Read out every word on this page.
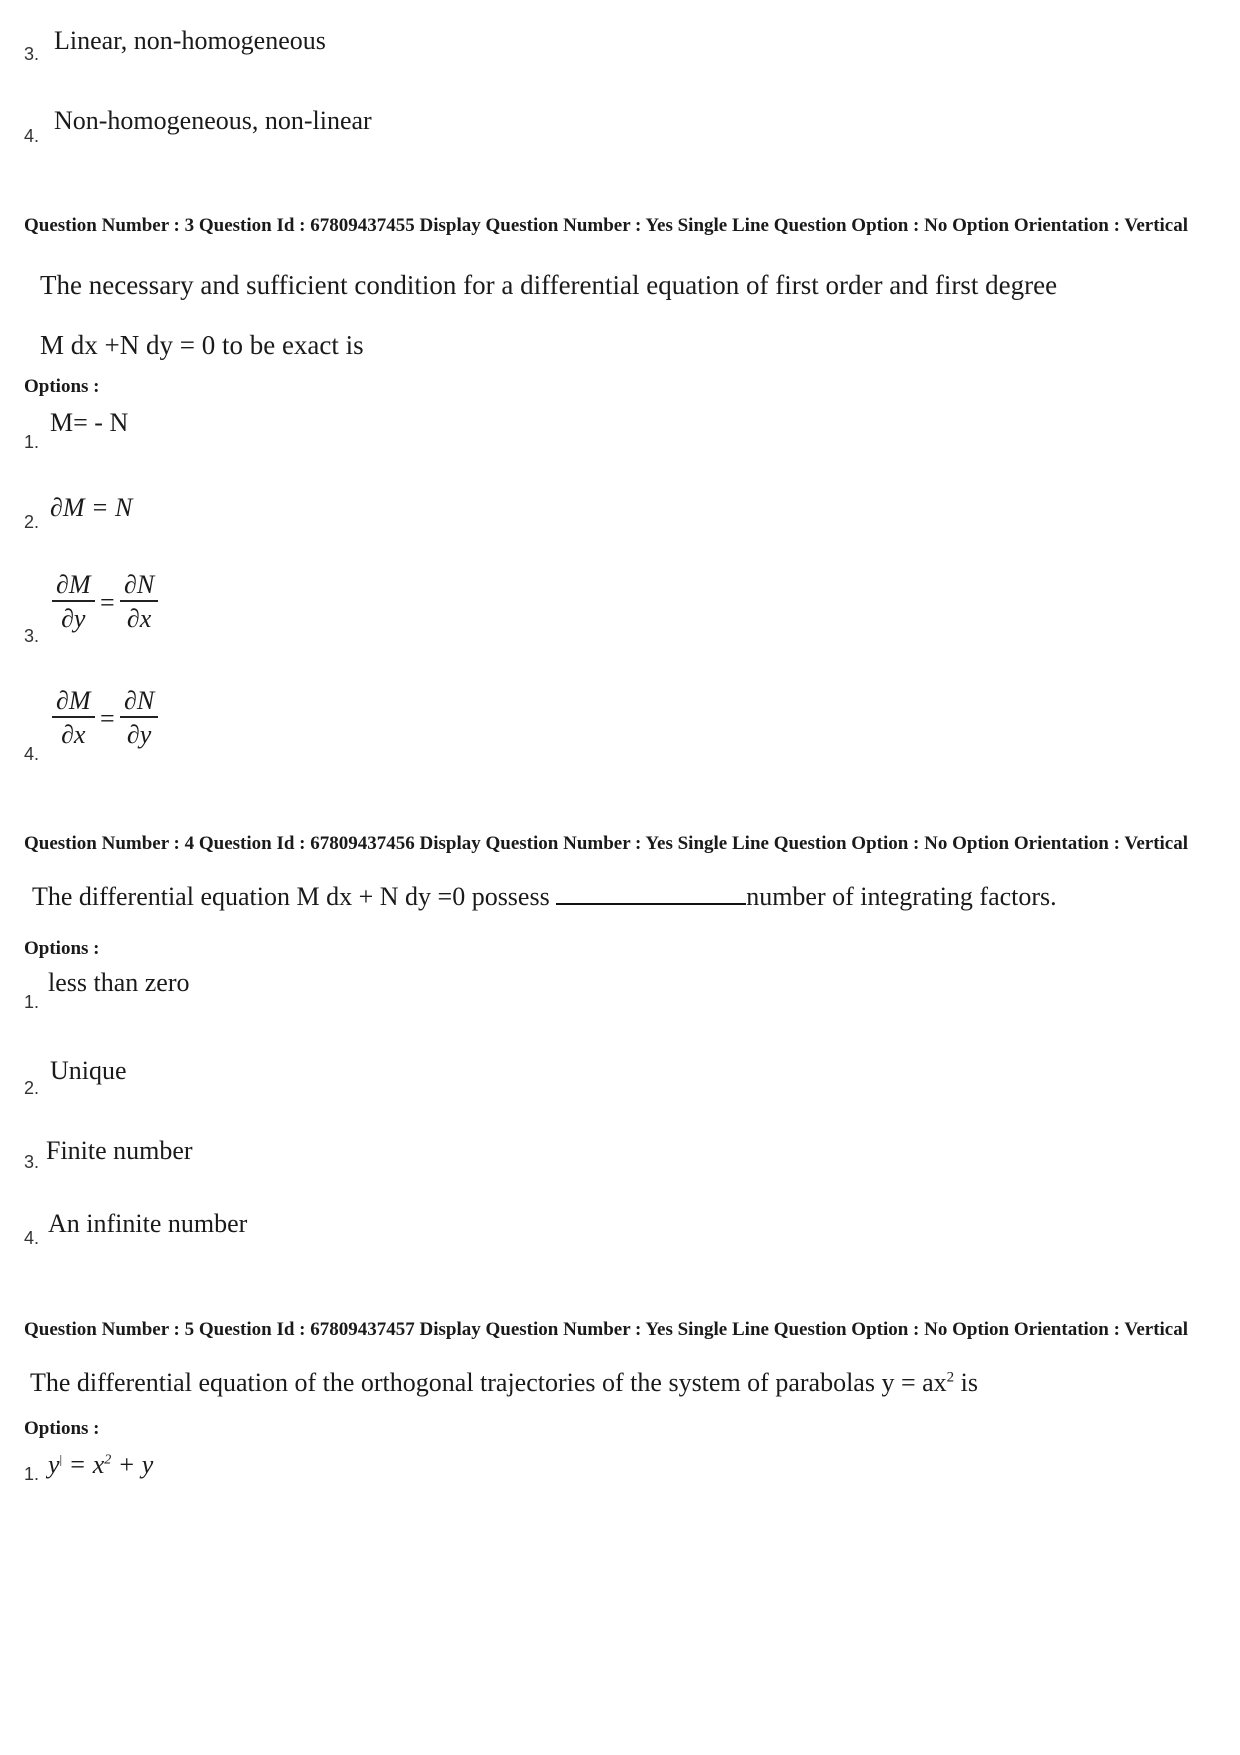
Linear, non-homogeneous
3.
Non-homogeneous, non-linear
4.
Question Number : 3 Question Id : 67809437455 Display Question Number : Yes Single Line Question Option : No Option Orientation : Vertical
The necessary and sufficient condition for a differential equation of first order and first degree
M dx +N dy = 0 to be exact is
Options :
M= - N
1.
∂M = N
2.
$\frac{\partial M}{\partial y} = \frac{\partial N}{\partial x}$
3.
$\frac{\partial M}{\partial x} = \frac{\partial N}{\partial y}$
4.
Question Number : 4 Question Id : 67809437456 Display Question Number : Yes Single Line Question Option : No Option Orientation : Vertical
The differential equation M dx + N dy =0 possess	number of integrating factors.
Options :
less than zero
1.
Unique
2.
Finite number
3.
An infinite number
4.
Question Number : 5 Question Id : 67809437457 Display Question Number : Yes Single Line Question Option : No Option Orientation : Vertical
The differential equation of the orthogonal trajectories of the system of parabolas $y = ax^2$ is
Options :
$y^| = x^2 + y$
1.
